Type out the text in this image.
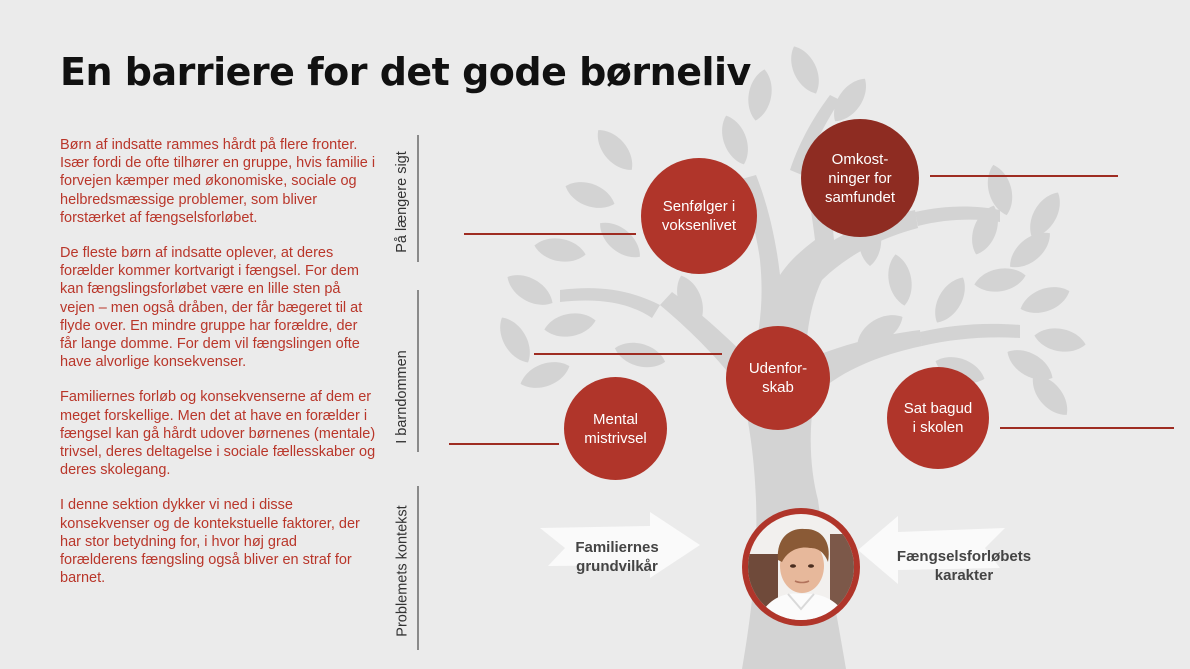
En barriere for det gode børneliv

Børn af indsatte rammes hårdt på flere fronter. Især fordi de ofte tilhører en gruppe, hvis familie i forvejen kæmper med økonomiske, sociale og helbredsmæssige problemer, som bliver forstærket af fængselsforløbet.

De fleste børn af indsatte oplever, at deres forælder kommer kortvarigt i fængsel. For dem kan fængslingsforløbet være en lille sten på vejen – men også dråben, der får bægeret til at flyde over. En mindre gruppe har forældre, der får lange domme. For dem vil fængslingen ofte have alvorlige konsekvenser.

Familiernes forløb og konsekvenserne af dem er meget forskellige. Men det at have en forælder i fængsel kan gå hårdt udover børnenes (mentale) trivsel, deres deltagelse i sociale fællesskaber og deres skolegang.

I denne sektion dykker vi ned i disse konsekvenser og de kontekstuelle faktorer, der har stor betydning for, i hvor høj grad forælderens fængsling også bliver en straf for barnet.

På længere sigt
I barndommen
Problemets kontekst
Senfølger i
voksenlivet
Omkost-
ninger for
samfundet
Udenfor-
skab
Mental
mistrivsel
Sat bagud
i skolen
Familiernes
grundvilkår
Fængselsforløbets
karakter
